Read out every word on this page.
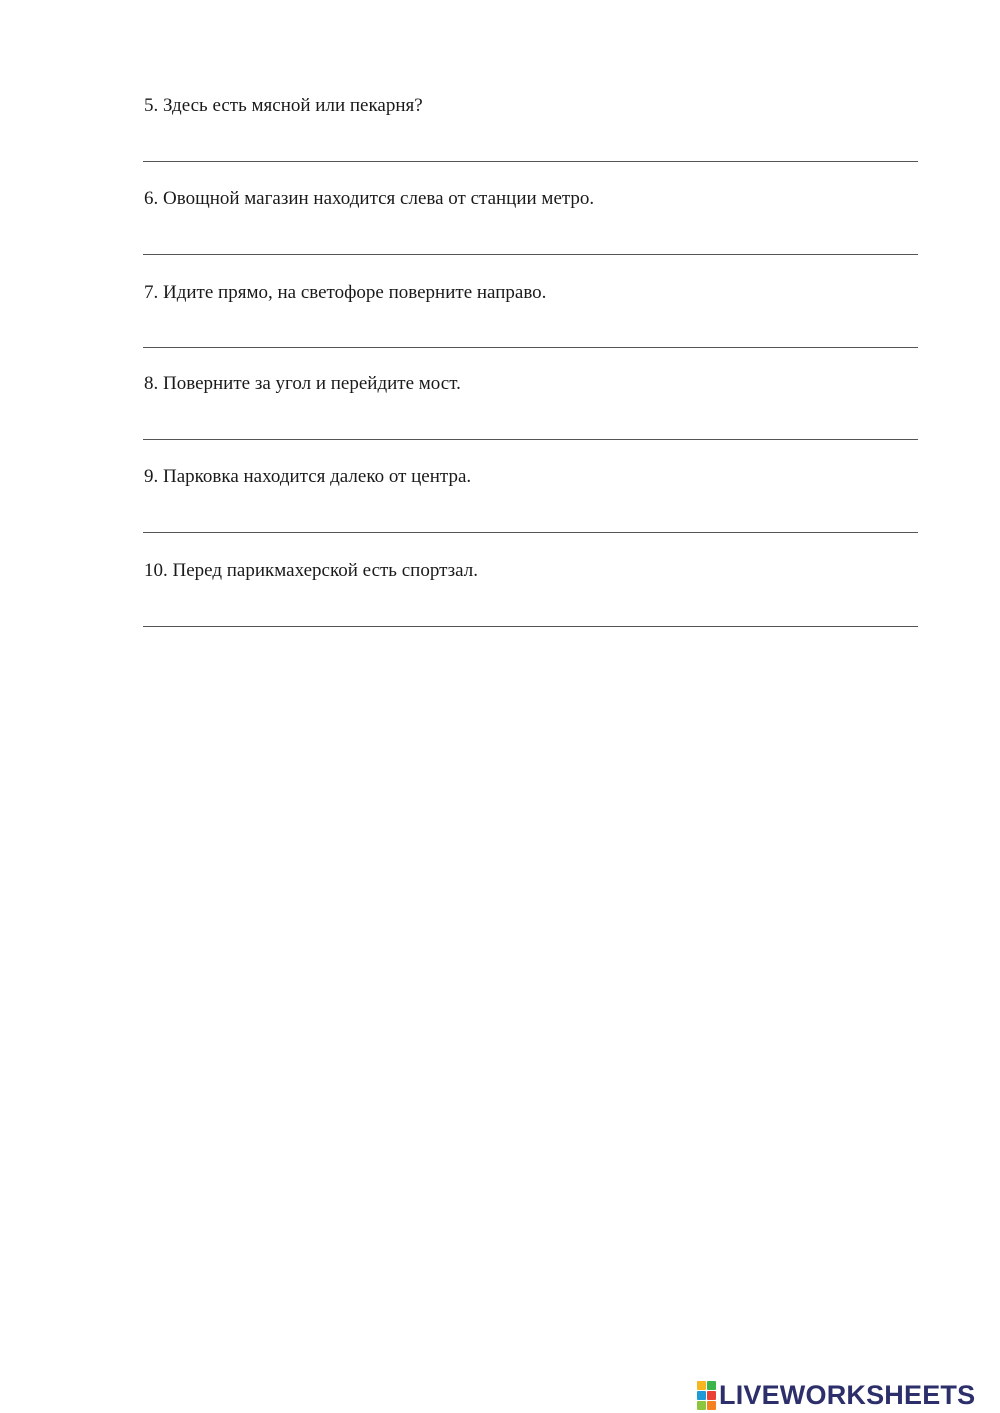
5. Здесь есть мясной или пекарня?
6. Овощной магазин находится слева от станции метро.
7. Идите прямо, на светофоре поверните направо.
8. Поверните за угол и перейдите мост.
9. Парковка находится далеко от центра.
10. Перед парикмахерской есть спортзал.
LIVEWORKSHEETS
